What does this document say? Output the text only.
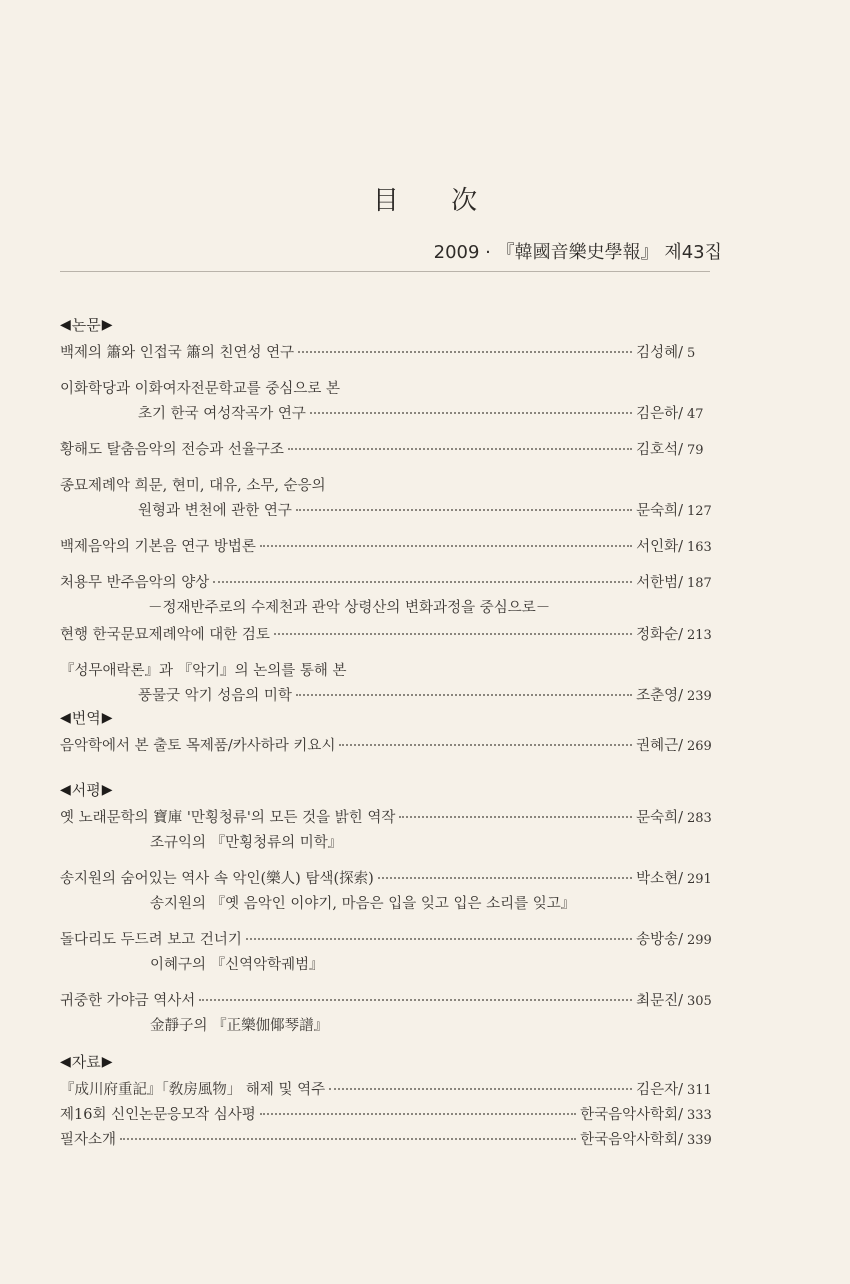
目 次
2009 · 『韓國音樂史學報』 제43집
◀ 논문 ▶
백제의 簫와 인접국 簫의 친연성 연구	김성혜/ 5
이화학당과 이화여자전문학교를 중심으로 본
초기 한국 여성작곡가 연구	김은하/ 47
황해도 탈춤음악의 전승과 선율구조	김호석/ 79
종묘제례악 희문, 현미, 대유, 소무, 순응의
원형과 변천에 관한 연구	문숙희/ 127
백제음악의 기본음 연구 방법론	서인화/ 163
처용무 반주음악의 양상	서한범/ 187
－정재반주로의 수제천과 관악 상령산의 변화과정을 중심으로－
현행 한국문묘제례악에 대한 검토	정화순/ 213
『성무애락론』과 『악기』의 논의를 통해 본
풍물굿 악기 성음의 미학	조춘영/ 239
◀ 번역 ▶
음악학에서 본 출토 목제품/카사하라 키요시	권혜근/ 269
◀ 서평 ▶
옛 노래문학의 寶庫 '만횡청류'의 모든 것을 밝힌 역작	문숙희/ 283
조규익의 『만횡청류의 미학』
송지원의 숨어있는 역사 속 악인(樂人) 탐색(探索)	박소현/ 291
송지원의 『옛 음악인 이야기, 마음은 입을 잊고 입은 소리를 잊고』
돌다리도 두드려 보고 건너기	송방송/ 299
이혜구의 『신역악학궤범』
귀중한 가야금 역사서	최문진/ 305
金靜子의 『正樂伽倻琴譜』
◀ 자료 ▶
『成川府重記』「敎房風物」 해제 및 역주	김은자/ 311
제16회 신인논문응모작 심사평	한국음악사학회/ 333
필자소개	한국음악사학회/ 339
